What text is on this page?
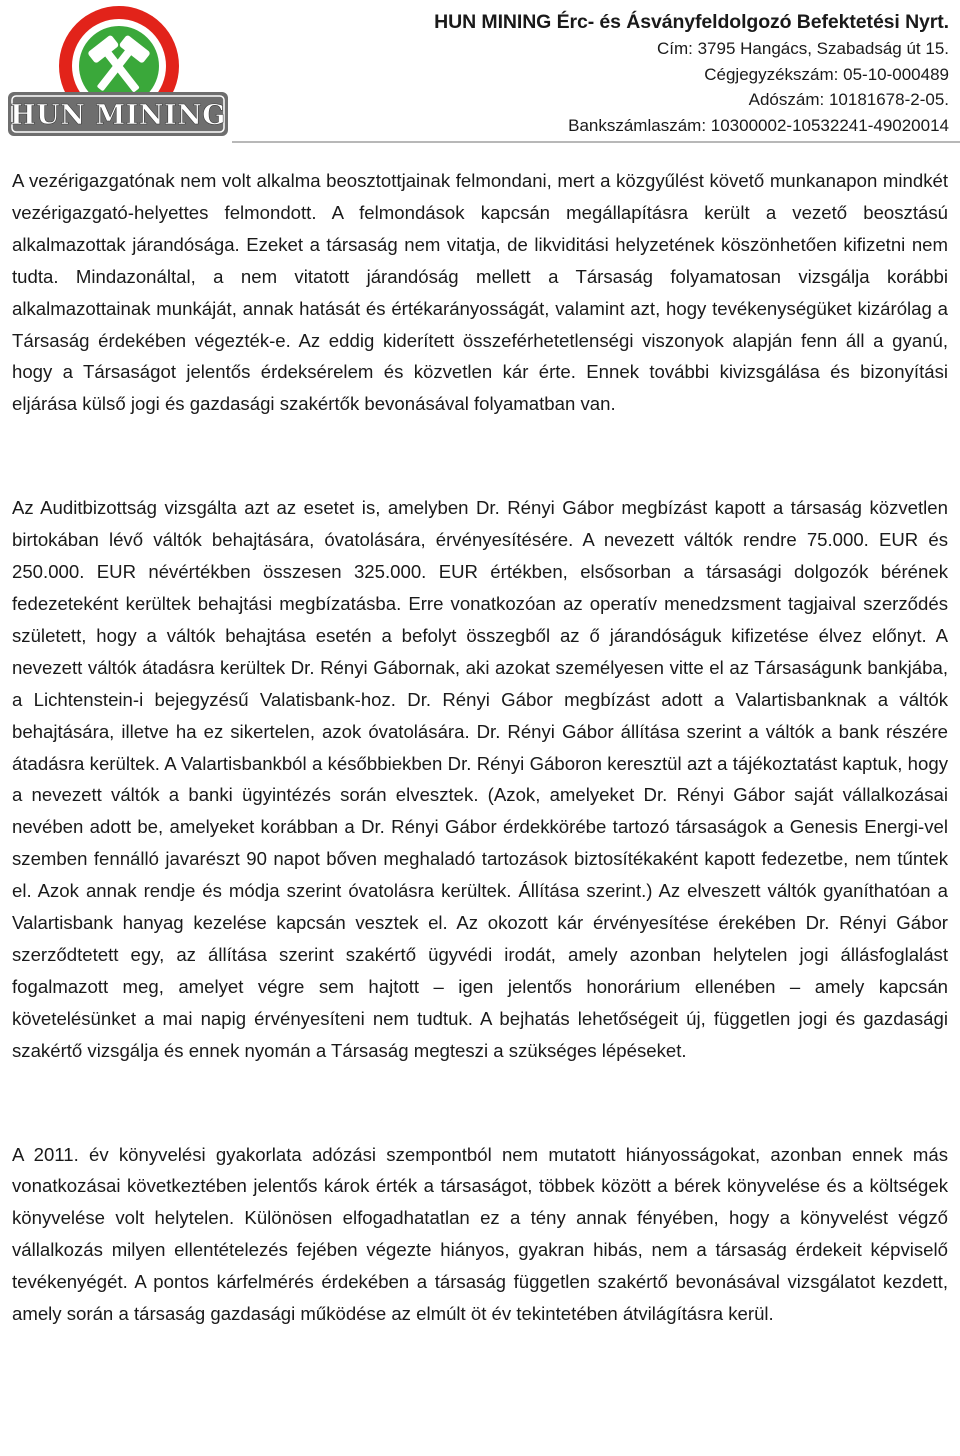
HUN MINING
HUN MINING Érc- és Ásványfeldolgozó Befektetési Nyrt.
Cím: 3795 Hangács, Szabadság út 15.
Cégjegyzékszám: 05-10-000489
Adószám: 10181678-2-05.
Bankszámlaszám: 10300002-10532241-49020014

A vezérigazgatónak nem volt alkalma beosztottjainak felmondani, mert a közgyűlést követő munkanapon mindkét vezérigazgató-helyettes felmondott. A felmondások kapcsán megállapításra került a vezető beosztású alkalmazottak járandósága. Ezeket a társaság nem vitatja, de likviditási helyzetének köszönhetően kifizetni nem tudta. Mindazonáltal, a nem vitatott járandóság mellett a Társaság folyamatosan vizsgálja korábbi alkalmazottainak munkáját, annak hatását és értékarányosságát, valamint azt, hogy tevékenységüket kizárólag a Társaság érdekében végezték-e. Az eddig kiderített összeférhetetlenségi viszonyok alapján fenn áll a gyanú, hogy a Társaságot jelentős érdeksérelem és közvetlen kár érte. Ennek további kivizsgálása és bizonyítási eljárása külső jogi és gazdasági szakértők bevonásával folyamatban van.

Az Auditbizottság vizsgálta azt az esetet is, amelyben Dr. Rényi Gábor megbízást kapott a társaság közvetlen birtokában lévő váltók behajtására, óvatolására, érvényesítésére. A nevezett váltók rendre 75.000. EUR és 250.000. EUR névértékben összesen 325.000. EUR értékben, elsősorban a társasági dolgozók bérének fedezeteként kerültek behajtási megbízatásba. Erre vonatkozóan az operatív menedzsment tagjaival szerződés született, hogy a váltók behajtása esetén a befolyt összegből az ő járandóságuk kifizetése élvez előnyt. A nevezett váltók átadásra kerültek Dr. Rényi Gábornak, aki azokat személyesen vitte el az Társaságunk bankjába, a Lichtenstein-i bejegyzésű Valatisbank-hoz. Dr. Rényi Gábor megbízást adott a Valartisbanknak a váltók behajtására, illetve ha ez sikertelen, azok óvatolására. Dr. Rényi Gábor állítása szerint a váltók a bank részére átadásra kerültek. A Valartisbankból a későbbiekben Dr. Rényi Gáboron keresztül azt a tájékoztatást kaptuk, hogy a nevezett váltók a banki ügyintézés során elvesztek. (Azok, amelyeket Dr. Rényi Gábor saját vállalkozásai nevében adott be, amelyeket korábban a Dr. Rényi Gábor érdekkörébe tartozó társaságok a Genesis Energi-vel szemben fennálló javarészt 90 napot bőven meghaladó tartozások biztosítékaként kapott fedezetbe, nem tűntek el. Azok annak rendje és módja szerint óvatolásra kerültek. Állítása szerint.) Az elveszett váltók gyaníthatóan a Valartisbank hanyag kezelése kapcsán vesztek el. Az okozott kár érvényesítése érekében Dr. Rényi Gábor szerződtetett egy, az állítása szerint szakértő ügyvédi irodát, amely azonban helytelen jogi állásfoglalást fogalmazott meg, amelyet végre sem hajtott – igen jelentős honorárium ellenében – amely kapcsán követelésünket a mai napig érvényesíteni nem tudtuk. A bejhatás lehetőségeit új, független jogi és gazdasági szakértő vizsgálja és ennek nyomán a Társaság megteszi a szükséges lépéseket.

A 2011. év könyvelési gyakorlata adózási szempontból nem mutatott hiányosságokat, azonban ennek más vonatkozásai következtében jelentős károk érték a társaságot, többek között a bérek könyvelése és a költségek könyvelése volt helytelen. Különösen elfogadhatatlan ez a tény annak fényében, hogy a könyvelést végző vállalkozás milyen ellentételezés fejében végezte hiányos, gyakran hibás, nem a társaság érdekeit képviselő tevékenyégét. A pontos kárfelmérés érdekében a társaság független szakértő bevonásával vizsgálatot kezdett, amely során a társaság gazdasági működése az elmúlt öt év tekintetében átvilágításra kerül.
